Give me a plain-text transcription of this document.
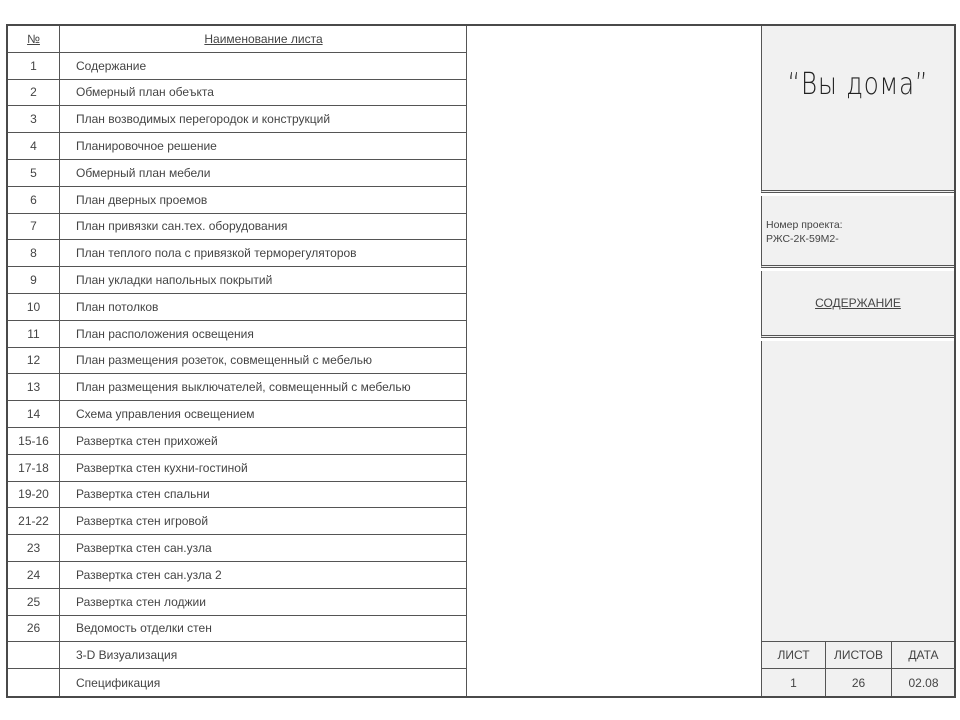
№	Наименование листа
1	Содержание
2	Обмерный план обеъкта
3	План возводимых перегородок и конструкций
4	Планировочное решение
5	Обмерный план мебели
6	План дверных проемов
7	План привязки сан.тех. оборудования
8	План теплого пола с привязкой терморегуляторов
9	План укладки напольных покрытий
10	План потолков
11	План расположения освещения
12	План размещения розеток, совмещенный с мебелью
13	План размещения выключателей, совмещенный с мебелью
14	Схема управления освещением
15-16	Развертка стен прихожей
17-18	Развертка стен кухни-гостиной
19-20	Развертка стен спальни
21-22	Развертка стен игровой
23	Развертка стен сан.узла
24	Развертка стен сан.узла 2
25	Развертка стен лоджии
26	Ведомость отделки стен
3-D Визуализация
Спецификация
“Вы дома”
Номер проекта:
РЖС-2К-59М2-
СОДЕРЖАНИЕ
ЛИСТ	ЛИСТОВ	ДАТА
1	26	02.08
